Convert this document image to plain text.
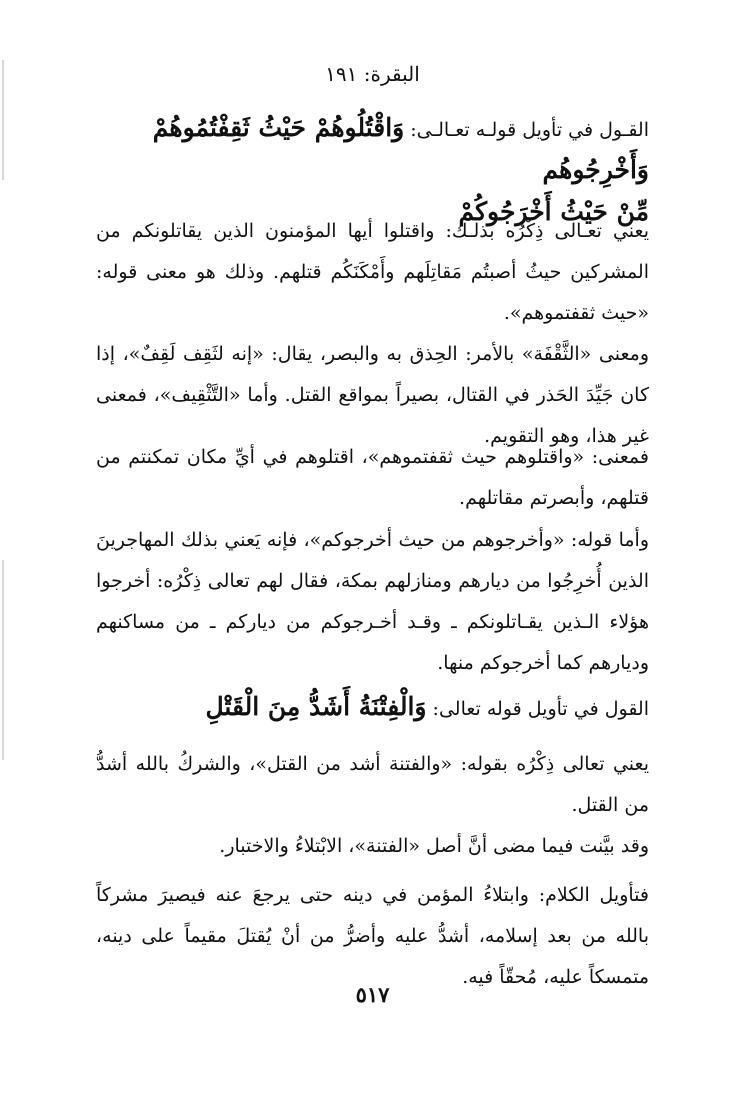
البقرة: ١٩١
القـول في تأويل قولـه تعـالـى: وَاقْتُلُوهُمْ حَيْثُ ثَقِفْتُمُوهُمْ وَأَخْرِجُوهُم
مِّنْ حَيْثُ أَخْرَجُوكُمْ
يعني تعـالى ذِكْرُه بذلـك: واقتلوا أيها المؤمنون الذين يقاتلونكم من المشركين حيثُ أصبتُم مَقاتِلَهم وأَمْكَنَكُم قتلهم. وذلك هو معنى قوله: «حيث ثقفتموهم».
ومعنى «الثَّقْفَة» بالأمر: الحِذق به والبصر، يقال: «إنه لثَقِف لَقِفٌ»، إذا كان جَيِّدَ الحَذر في القتال، بصيراً بمواقع القتل. وأما «التَّثْقِيف»، فمعنى غير هذا، وهو التقويم.
فمعنى: «واقتلوهم حيث ثقفتموهم»، اقتلوهم في أيِّ مكان تمكنتم من قتلهم، وأبصرتم مقاتلهم.
وأما قوله: «وأخرجوهم من حيث أخرجوكم»، فإنه يَعني بذلك المهاجرينَ الذين أُخرِجُوا من ديارهم ومنازلهم بمكة، فقال لهم تعالى ذِكْرُه: أخرجوا هؤلاء الـذين يقـاتلونكم ـ وقـد أخـرجوكم من دياركم ـ من مساكنهم وديارهم كما أخرجوكم منها.
القول في تأويل قوله تعالى: وَالْفِتْنَةُ أَشَدُّ مِنَ الْقَتْلِ
يعني تعالى ذِكْرُه بقوله: «والفتنة أشد من القتل»، والشركُ بالله أشدُّ من القتل.
وقد بيَّنت فيما مضى أنَّ أصل «الفتنة»، الابْتلاءُ والاختبار.
فتأويل الكلام: وابتلاءُ المؤمن في دينه حتى يرجعَ عنه فيصيرَ مشركاً بالله من بعد إسلامه، أشدُّ عليه وأضرُّ من أنْ يُقتلَ مقيماً على دينه، متمسكاً عليه، مُحقّاً فيه.
٥١٧
